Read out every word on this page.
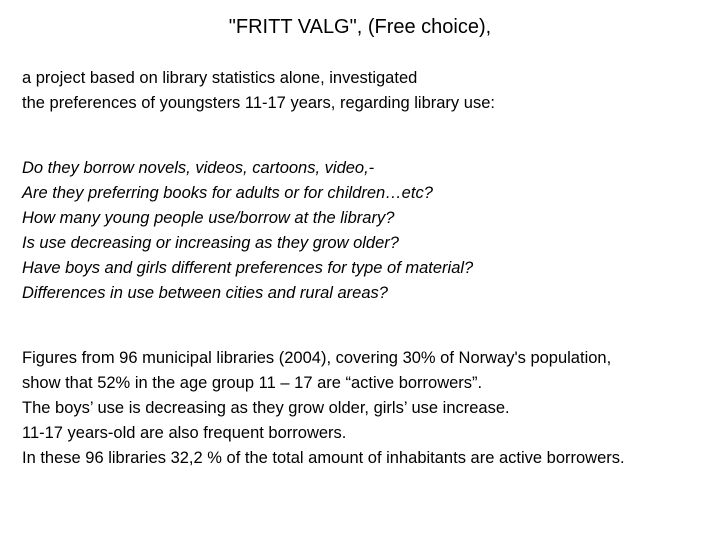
"FRITT VALG", (Free choice),
a project based on library statistics alone, investigated
the preferences of youngsters 11-17 years, regarding library use:
Do they borrow novels, videos, cartoons, video,-
Are they preferring books for adults or for children…etc?
How many young people use/borrow at the library?
Is use decreasing or increasing as they grow older?
Have boys and girls different preferences for type of material?
Differences in use between cities and rural areas?
Figures from 96 municipal libraries (2004), covering 30% of Norway's population,
show that 52% in the age group 11 – 17 are “active borrowers”.
The boys’ use is decreasing as they grow older, girls’ use increase.
11-17 years-old are also frequent borrowers.
In these 96 libraries 32,2 % of the total amount of inhabitants are active borrowers.
